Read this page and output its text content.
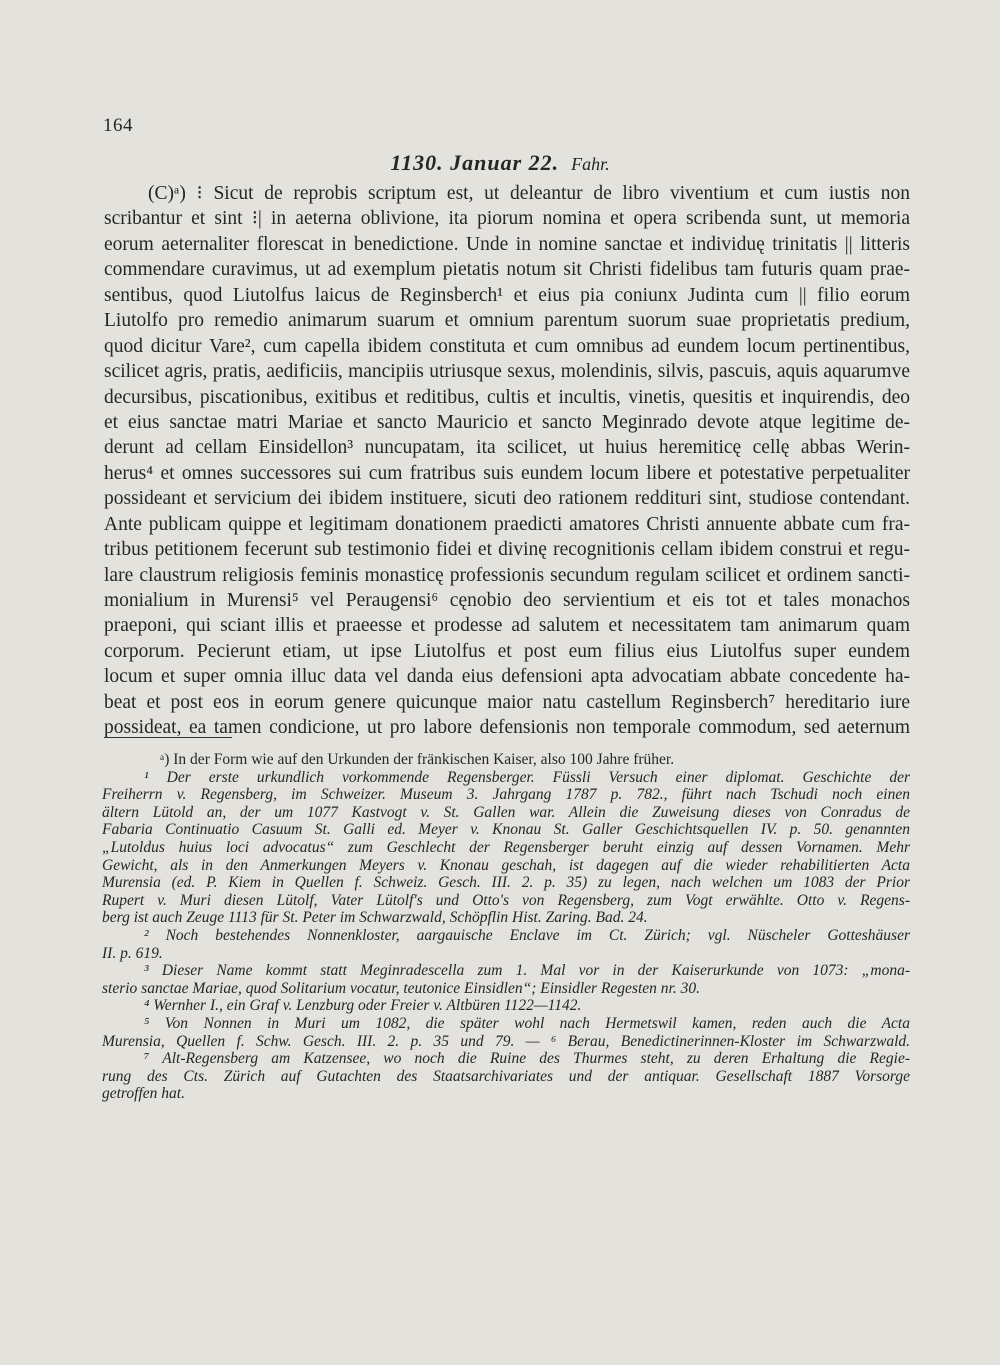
164
1130. Januar 22. Fahr.
(C)ᵃ) ⁝ Sicut de reprobis scriptum est, ut deleantur de libro viventium et cum iustis non
scribantur et sint ⁝| in aeterna oblivione, ita piorum nomina et opera scribenda sunt, ut memoria
eorum aeternaliter florescat in benedictione. Unde in nomine sanctae et individuę trinitatis || litteris
commendare curavimus, ut ad exemplum pietatis notum sit Christi fidelibus tam futuris quam prae-
sentibus, quod Liutolfus laicus de Reginsberch¹ et eius pia coniunx Judinta cum || filio eorum
Liutolfo pro remedio animarum suarum et omnium parentum suorum suae proprietatis predium,
quod dicitur Vare², cum capella ibidem constituta et cum omnibus ad eundem locum pertinentibus,
scilicet agris, pratis, aedificiis, mancipiis utriusque sexus, molendinis, silvis, pascuis, aquis aquarumve
decursibus, piscationibus, exitibus et reditibus, cultis et incultis, vinetis, quesitis et inquirendis, deo
et eius sanctae matri Mariae et sancto Mauricio et sancto Meginrado devote atque legitime de-
derunt ad cellam Einsidellon³ nuncupatam, ita scilicet, ut huius heremiticę cellę abbas Werin-
herus⁴ et omnes successores sui cum fratribus suis eundem locum libere et potestative perpetualiter
possideant et servicium dei ibidem instituere, sicuti deo rationem reddituri sint, studiose contendant.
Ante publicam quippe et legitimam donationem praedicti amatores Christi annuente abbate cum fra-
tribus petitionem fecerunt sub testimonio fidei et divinę recognitionis cellam ibidem construi et regu-
lare claustrum religiosis feminis monasticę professionis secundum regulam scilicet et ordinem sancti-
monialium in Murensi⁵ vel Peraugensi⁶ cęnobio deo servientium et eis tot et tales monachos
praeponi, qui sciant illis et praeesse et prodesse ad salutem et necessitatem tam animarum quam
corporum. Pecierunt etiam, ut ipse Liutolfus et post eum filius eius Liutolfus super eundem
locum et super omnia illuc data vel danda eius defensioni apta advocatiam abbate concedente ha-
beat et post eos in eorum genere quicunque maior natu castellum Reginsberch⁷ hereditario iure
possideat, ea tamen condicione, ut pro labore defensionis non temporale commodum, sed aeternum
ᵃ) In der Form wie auf den Urkunden der fränkischen Kaiser, also 100 Jahre früher.
¹ Der erste urkundlich vorkommende Regensberger. Füssli Versuch einer diplomat. Geschichte der
Freiherrn v. Regensberg, im Schweizer. Museum 3. Jahrgang 1787 p. 782., führt nach Tschudi noch einen
ältern Lütold an, der um 1077 Kastvogt v. St. Gallen war. Allein die Zuweisung dieses von Conradus de
Fabaria Continuatio Casuum St. Galli ed. Meyer v. Knonau St. Galler Geschichtsquellen IV. p. 50. genannten
„Lutoldus huius loci advocatus“ zum Geschlecht der Regensberger beruht einzig auf dessen Vornamen. Mehr
Gewicht, als in den Anmerkungen Meyers v. Knonau geschah, ist dagegen auf die wieder rehabilitierten Acta
Murensia (ed. P. Kiem in Quellen f. Schweiz. Gesch. III. 2. p. 35) zu legen, nach welchen um 1083 der Prior
Rupert v. Muri diesen Lütolf, Vater Lütolf's und Otto's von Regensberg, zum Vogt erwählte. Otto v. Regens-
berg ist auch Zeuge 1113 für St. Peter im Schwarzwald, Schöpflin Hist. Zaring. Bad. 24.
² Noch bestehendes Nonnenkloster, aargauische Enclave im Ct. Zürich; vgl. Nüscheler Gotteshäuser
II. p. 619.
³ Dieser Name kommt statt Meginradescella zum 1. Mal vor in der Kaiserurkunde von 1073: „mona-
sterio sanctae Mariae, quod Solitarium vocatur, teutonice Einsidlen“; Einsidler Regesten nr. 30.
⁴ Wernher I., ein Graf v. Lenzburg oder Freier v. Altbüren 1122—1142.
⁵ Von Nonnen in Muri um 1082, die später wohl nach Hermetswil kamen, reden auch die Acta
Murensia, Quellen f. Schw. Gesch. III. 2. p. 35 und 79. — ⁶ Berau, Benedictinerinnen-Kloster im Schwarzwald.
⁷ Alt-Regensberg am Katzensee, wo noch die Ruine des Thurmes steht, zu deren Erhaltung die Regie-
rung des Cts. Zürich auf Gutachten des Staatsarchivariates und der antiquar. Gesellschaft 1887 Vorsorge
getroffen hat.
